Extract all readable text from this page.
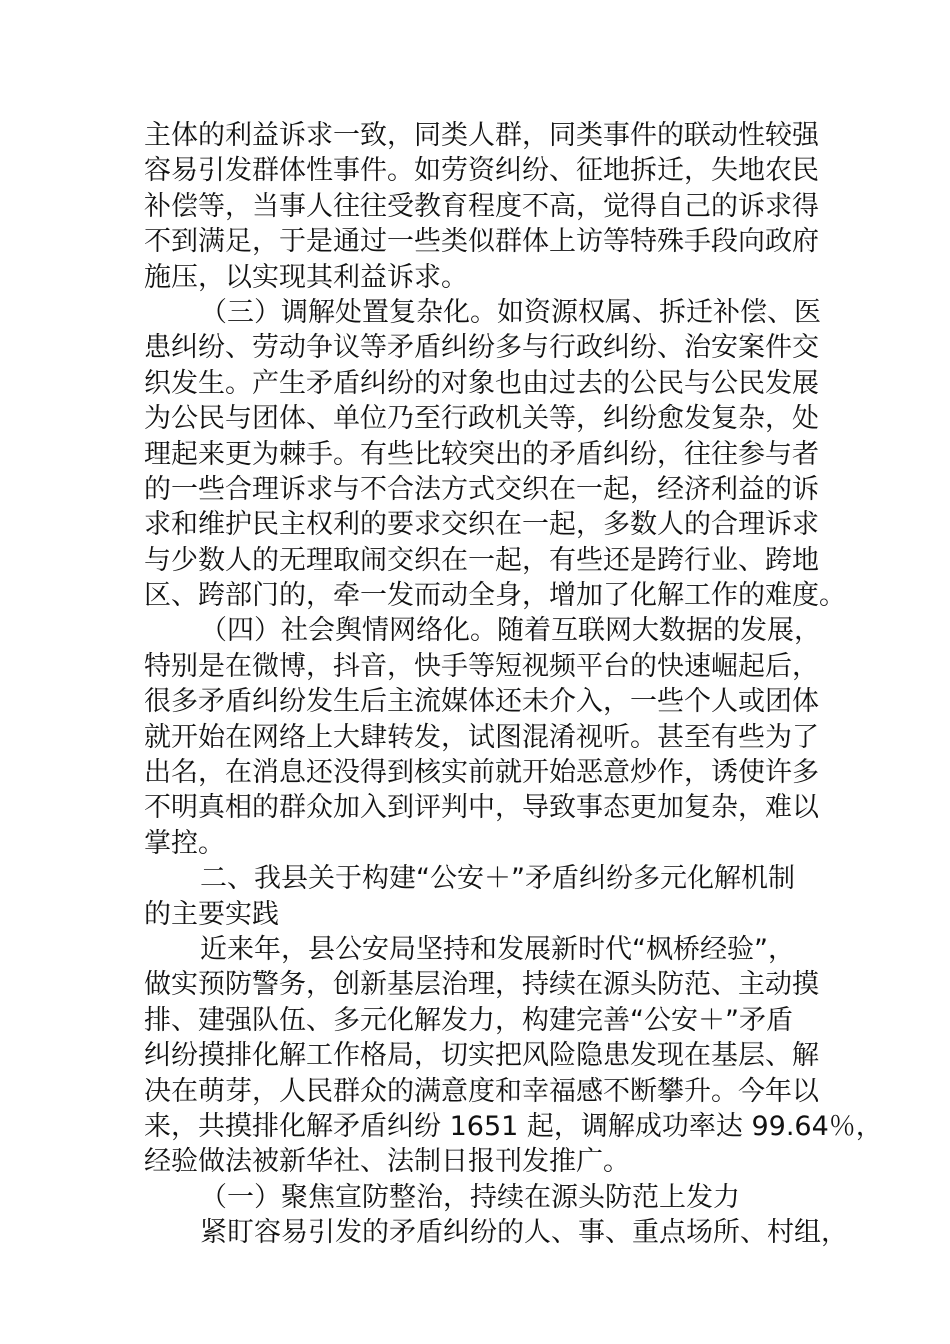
主体的利益诉求一致，同类人群，同类事件的联动性较强
容易引发群体性事件。如劳资纠纷、征地拆迁，失地农民
补偿等，当事人往往受教育程度不高，觉得自己的诉求得
不到满足，于是通过一些类似群体上访等特殊手段向政府
施压，以实现其利益诉求。
（三）调解处置复杂化。如资源权属、拆迁补偿、医
患纠纷、劳动争议等矛盾纠纷多与行政纠纷、治安案件交
织发生。产生矛盾纠纷的对象也由过去的公民与公民发展
为公民与团体、单位乃至行政机关等，纠纷愈发复杂，处
理起来更为棘手。有些比较突出的矛盾纠纷，往往参与者
的一些合理诉求与不合法方式交织在一起，经济利益的诉
求和维护民主权利的要求交织在一起，多数人的合理诉求
与少数人的无理取闹交织在一起，有些还是跨行业、跨地
区、跨部门的，牵一发而动全身，增加了化解工作的难度。
（四）社会舆情网络化。随着互联网大数据的发展，
特别是在微博，抖音，快手等短视频平台的快速崛起后，
很多矛盾纠纷发生后主流媒体还未介入，一些个人或团体
就开始在网络上大肆转发，试图混淆视听。甚至有些为了
出名，在消息还没得到核实前就开始恶意炒作，诱使许多
不明真相的群众加入到评判中，导致事态更加复杂，难以
掌控。
二、我县关于构建“公安＋”矛盾纠纷多元化解机制
的主要实践
近来年，县公安局坚持和发展新时代“枫桥经验”，
做实预防警务，创新基层治理，持续在源头防范、主动摸
排、建强队伍、多元化解发力，构建完善“公安＋”矛盾
纠纷摸排化解工作格局，切实把风险隐患发现在基层、解
决在萌芽，人民群众的满意度和幸福感不断攀升。今年以
来，共摸排化解矛盾纠纷 1651 起，调解成功率达 99.64％，
经验做法被新华社、法制日报刊发推广。
（一）聚焦宣防整治，持续在源头防范上发力
紧盯容易引发的矛盾纠纷的人、事、重点场所、村组，
